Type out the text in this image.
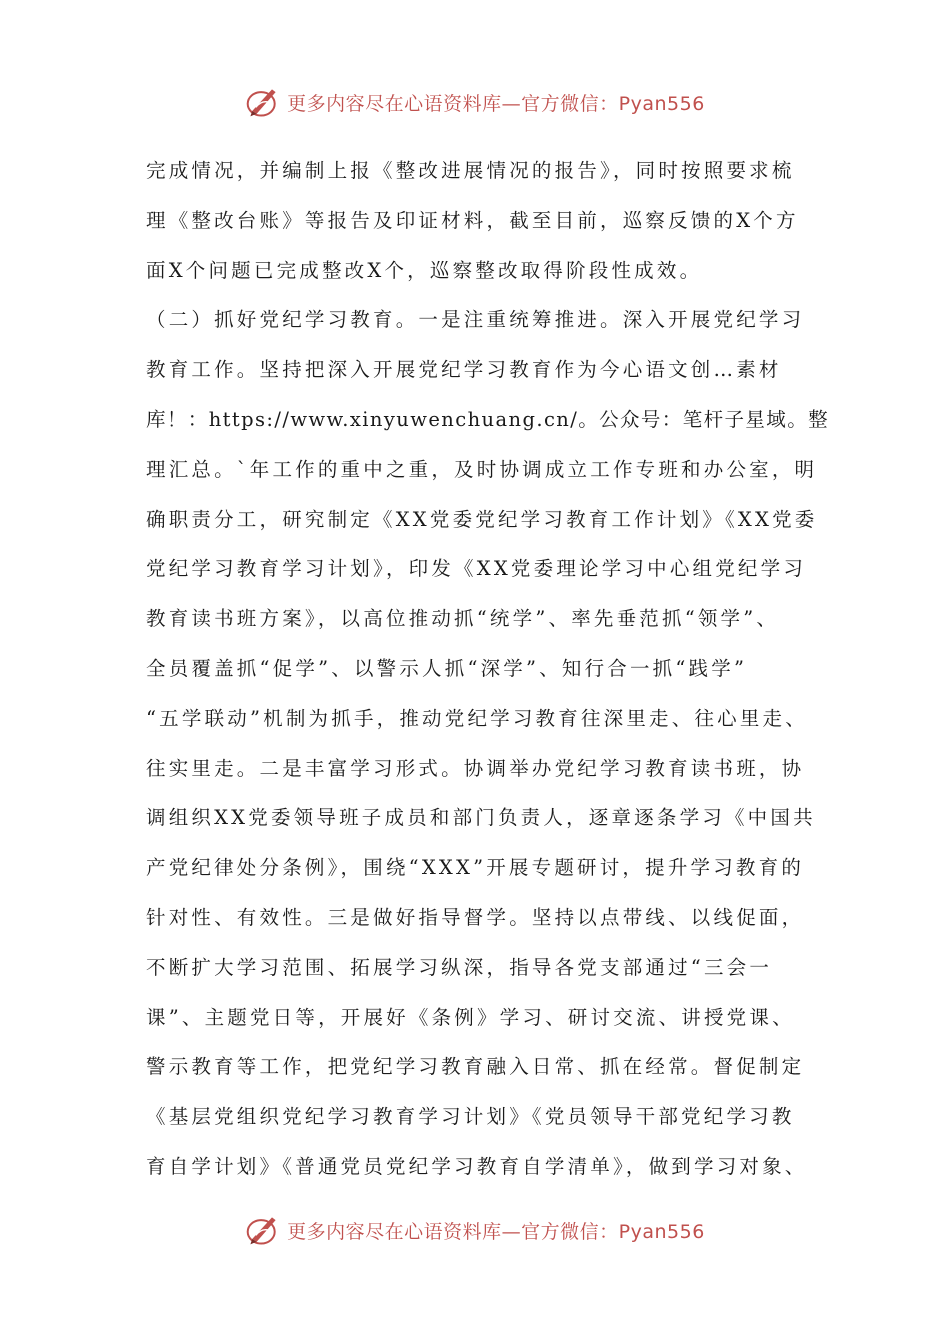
更多内容尽在心语资料库—官方微信：Pyan556
完成情况，并编制上报《整改进展情况的报告》，同时按照要求梳
理《整改台账》等报告及印证材料，截至目前，巡察反馈的X个方
面X个问题已完成整改X个，巡察整改取得阶段性成效。
（二）抓好党纪学习教育。一是注重统筹推进。深入开展党纪学习
教育工作。坚持把深入开展党纪学习教育作为今心语文创…素材
库！：https://www.xinyuwenchuang.cn/。公众号：笔杆子星域。整
理汇总。`年工作的重中之重，及时协调成立工作专班和办公室，明
确职责分工，研究制定《XX党委党纪学习教育工作计划》《XX党委
党纪学习教育学习计划》，印发《XX党委理论学习中心组党纪学习
教育读书班方案》，以高位推动抓“统学”、率先垂范抓“领学”、
全员覆盖抓“促学”、以警示人抓“深学”、知行合一抓“践学”
“五学联动”机制为抓手，推动党纪学习教育往深里走、往心里走、
往实里走。二是丰富学习形式。协调举办党纪学习教育读书班，协
调组织XX党委领导班子成员和部门负责人，逐章逐条学习《中国共
产党纪律处分条例》，围绕“XXX”开展专题研讨，提升学习教育的
针对性、有效性。三是做好指导督学。坚持以点带线、以线促面，
不断扩大学习范围、拓展学习纵深，指导各党支部通过“三会一
课”、主题党日等，开展好《条例》学习、研讨交流、讲授党课、
警示教育等工作，把党纪学习教育融入日常、抓在经常。督促制定
《基层党组织党纪学习教育学习计划》《党员领导干部党纪学习教
育自学计划》《普通党员党纪学习教育自学清单》，做到学习对象、
更多内容尽在心语资料库—官方微信：Pyan556
